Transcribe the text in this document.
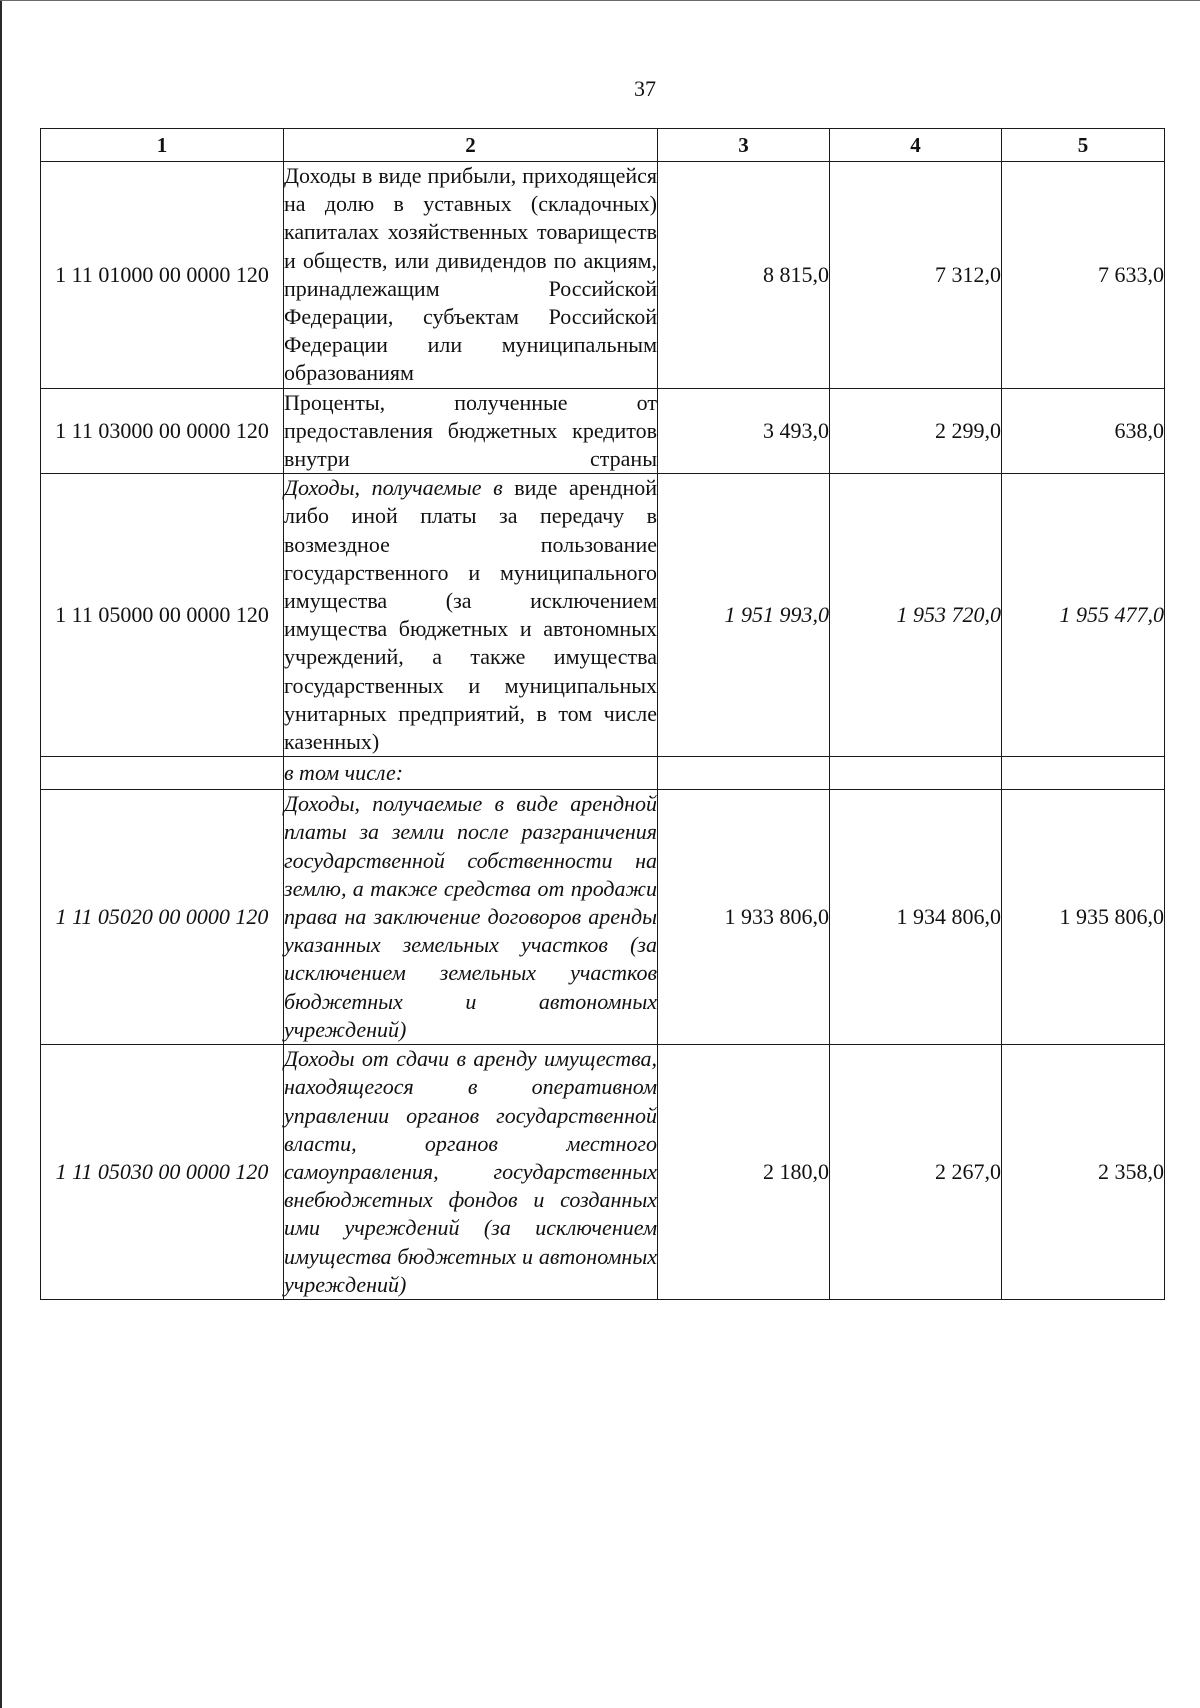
37
1	2	3	4	5
1 11 01000 00 0000 120	Доходы в виде прибыли, приходящейся на долю в уставных (складочных) капиталах хозяйственных товариществ и обществ, или дивидендов по акциям, принадлежащим Российской Федерации, субъектам Российской Федерации или муниципальным образованиям	8 815,0	7 312,0	7 633,0
1 11 03000 00 0000 120	Проценты, полученные от предоставления бюджетных кредитов внутри страны	3 493,0	2 299,0	638,0
1 11 05000 00 0000 120	Доходы, получаемые в виде арендной либо иной платы за передачу в возмездное пользование государственного и муниципального имущества (за исключением имущества бюджетных и автономных учреждений, а также имущества государственных и муниципальных унитарных предприятий, в том числе казенных)	1 951 993,0	1 953 720,0	1 955 477,0
	в том числе:			
1 11 05020 00 0000 120	Доходы, получаемые в виде арендной платы за земли после разграничения государственной собственности на землю, а также средства от продажи права на заключение договоров аренды указанных земельных участков (за исключением земельных участков бюджетных и автономных учреждений)	1 933 806,0	1 934 806,0	1 935 806,0
1 11 05030 00 0000 120	Доходы от сдачи в аренду имущества, находящегося в оперативном управлении органов государственной власти, органов местного самоуправления, государственных внебюджетных фондов и созданных ими учреждений (за исключением имущества бюджетных и автономных учреждений)	2 180,0	2 267,0	2 358,0
